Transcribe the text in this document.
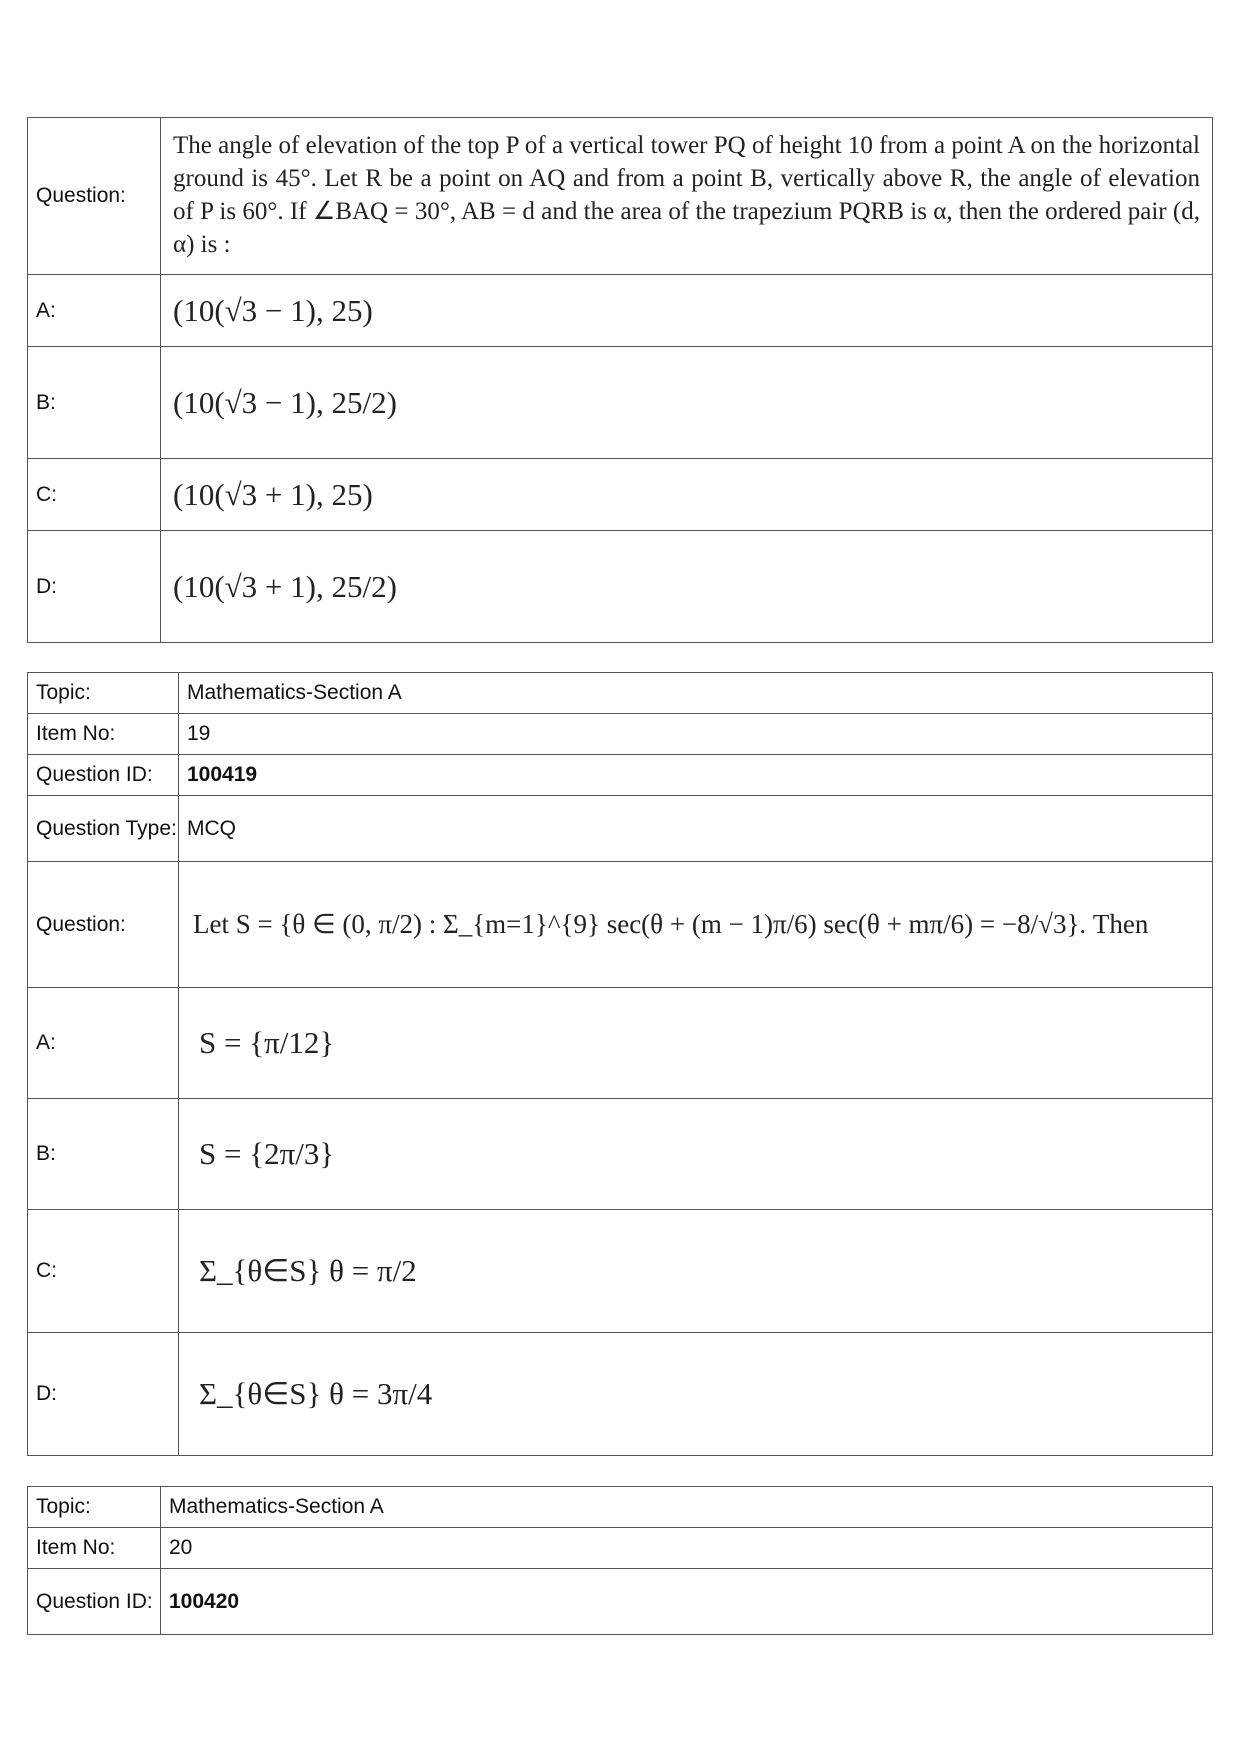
Question:	The angle of elevation of the top P of a vertical tower PQ of height 10 from a point A on the horizontal ground is 45°. Let R be a point on AQ and from a point B, vertically above R, the angle of elevation of P is 60°. If ∠BAQ = 30°, AB = d and the area of the trapezium PQRB is α, then the ordered pair (d, α) is :

A:	(10(√3 − 1), 25)

B:	(10(√3 − 1), 25/2)

C:	(10(√3 + 1), 25)

D:	(10(√3 + 1), 25/2)
Topic:	Mathematics-Section A
Item No:	19
Question ID:	100419
Question Type:	MCQ
Question:	Let S = {θ ∈ (0, π/2) : Σ_{m=1}^{9} sec(θ + (m − 1)π/6) sec(θ + mπ/6) = −8/√3}. Then

A:	S = {π/12}

B:	S = {2π/3}

C:	Σ_{θ∈S} θ = π/2

D:	Σ_{θ∈S} θ = 3π/4
Topic:	Mathematics-Section A
Item No:	20
Question ID:	100420
